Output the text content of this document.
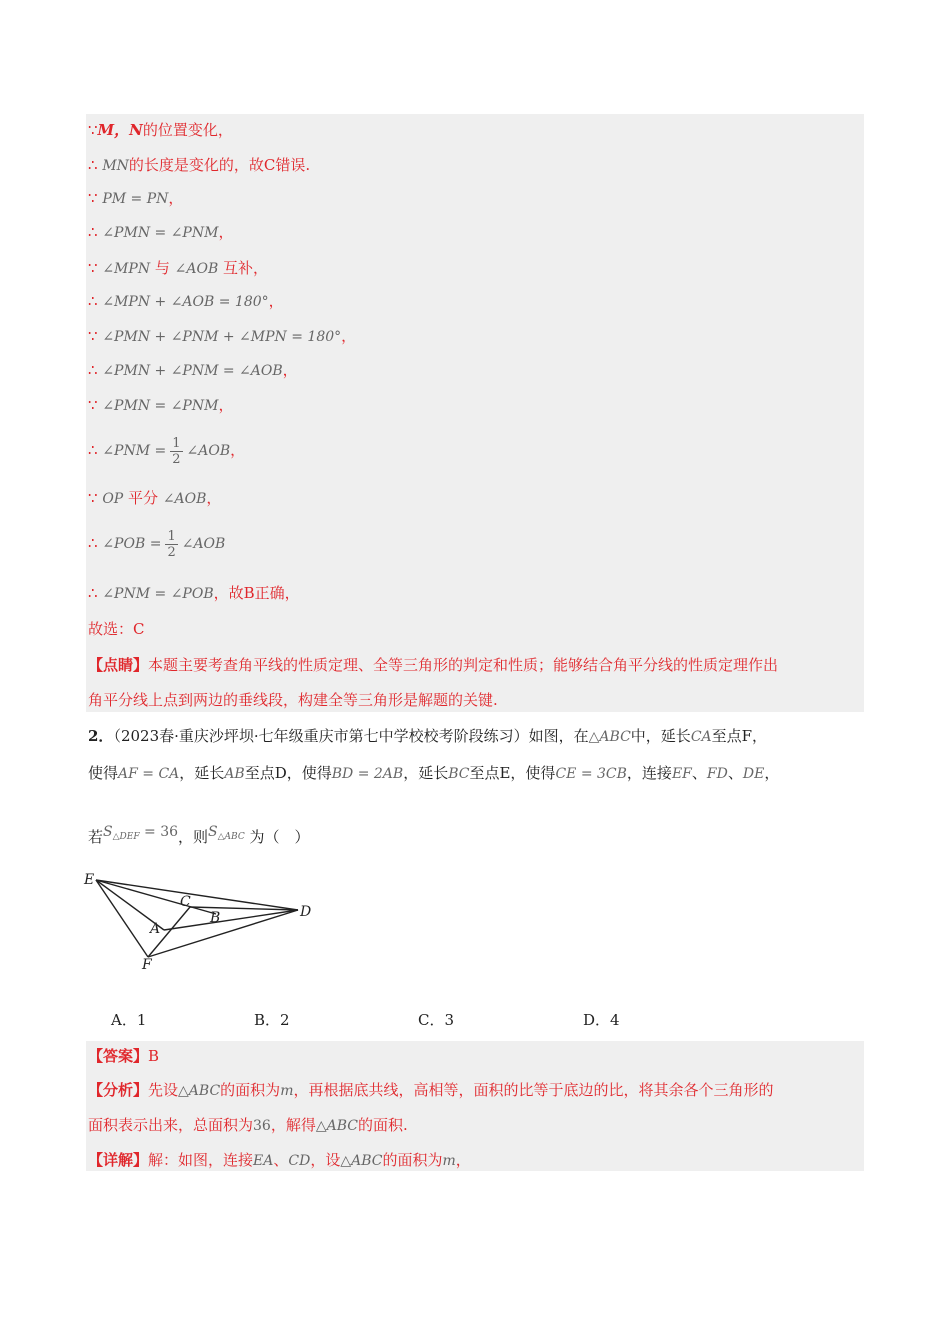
∵M，N的位置变化，
∴ MN的长度是变化的，故C错误.
∵ PM = PN，
∴ ∠PMN = ∠PNM，
∵ ∠MPN 与 ∠AOB 互补，
∴ ∠MPN + ∠AOB = 180°，
∵ ∠PMN + ∠PNM + ∠MPN = 180°，
∴ ∠PMN + ∠PNM = ∠AOB，
∵ ∠PMN = ∠PNM，
∴ ∠PNM = $\frac{1}{2}$ ∠AOB，
∵ OP 平分 ∠AOB，
∴ ∠POB = $\frac{1}{2}$ ∠AOB
∴ ∠PNM = ∠POB，故B正确，
故选：C
【点睛】本题主要考查角平线的性质定理、全等三角形的判定和性质；能够结合角平分线的性质定理作出
角平分线上点到两边的垂线段，构建全等三角形是解题的关键.
2．（2023春·重庆沙坪坝·七年级重庆市第七中学校校考阶段练习）如图，在△ABC中，延长CA至点F，
使得AF = CA，延长AB至点D，使得BD = 2AB，延长BC至点E，使得CE = 3CB，连接EF、FD、DE，
若$S_{\triangle DEF} = 36$，则$S_{\triangle ABC}$ 为（　）
E
C
B	D
A
F
A．1	B．2	C．3	D．4
【答案】B
【分析】先设△ABC的面积为m，再根据底共线，高相等，面积的比等于底边的比，将其余各个三角形的
面积表示出来，总面积为36，解得△ABC的面积.
【详解】解：如图，连接EA、CD，设△ABC的面积为m，
